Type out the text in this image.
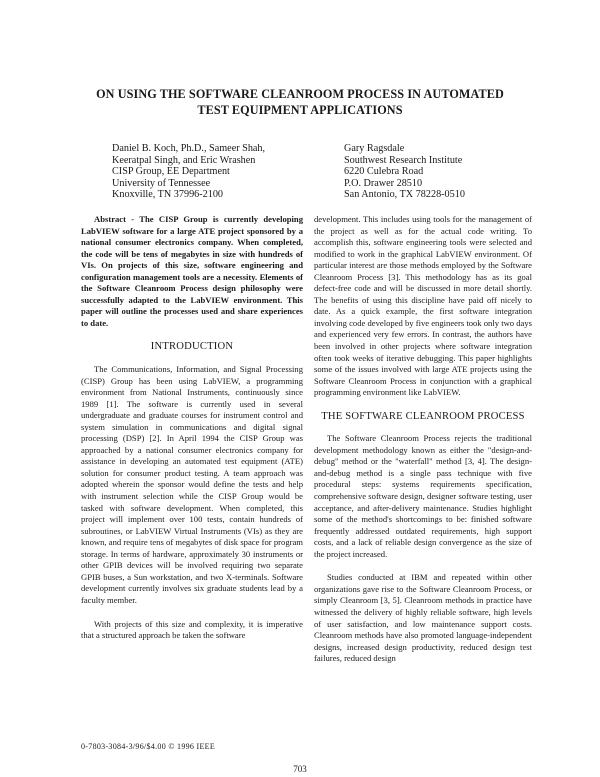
ON USING THE SOFTWARE CLEANROOM PROCESS IN AUTOMATED
TEST EQUIPMENT APPLICATIONS
Daniel B. Koch, Ph.D., Sameer Shah,
Keeratpal Singh, and Eric Wrashen
CISP Group, EE Department
University of Tennessee
Knoxville, TN 37996-2100
Gary Ragsdale
Southwest Research Institute
6220 Culebra Road
P.O. Drawer 28510
San Antonio, TX 78228-0510

Abstract - The CISP Group is currently developing LabVIEW software for a large ATE project sponsored by a national consumer electronics company. When completed, the code will be tens of megabytes in size with hundreds of VIs. On projects of this size, software engineering and configuration management tools are a necessity. Elements of the Software Cleanroom Process design philosophy were successfully adapted to the LabVIEW environment. This paper will outline the processes used and share experiences to date.

INTRODUCTION

The Communications, Information, and Signal Processing (CISP) Group has been using LabVIEW, a programming environment from National Instruments, continuously since 1989 [1]. The software is currently used in several undergraduate and graduate courses for instrument control and system simulation in communications and digital signal processing (DSP) [2]. In April 1994 the CISP Group was approached by a national consumer electronics company for assistance in developing an automated test equipment (ATE) solution for consumer product testing. A team approach was adopted wherein the sponsor would define the tests and help with instrument selection while the CISP Group would be tasked with software development. When completed, this project will implement over 100 tests, contain hundreds of subroutines, or LabVIEW Virtual Instruments (VIs) as they are known, and require tens of megabytes of disk space for program storage. In terms of hardware, approximately 30 instruments or other GPIB devices will be involved requiring two separate GPIB buses, a Sun workstation, and two X-terminals. Software development currently involves six graduate students lead by a faculty member.

With projects of this size and complexity, it is imperative that a structured approach be taken the software

development. This includes using tools for the management of the project as well as for the actual code writing. To accomplish this, software engineering tools were selected and modified to work in the graphical LabVIEW environment. Of particular interest are those methods employed by the Software Cleanroom Process [3]. This methodology has as its goal defect-free code and will be discussed in more detail shortly. The benefits of using this discipline have paid off nicely to date. As a quick example, the first software integration involving code developed by five engineers took only two days and experienced very few errors. In contrast, the authors have been involved in other projects where software integration often took weeks of iterative debugging. This paper highlights some of the issues involved with large ATE projects using the Software Cleanroom Process in conjunction with a graphical programming environment like LabVIEW.

THE SOFTWARE CLEANROOM PROCESS

The Software Cleanroom Process rejects the traditional development methodology known as either the "design-and-debug" method or the "waterfall" method [3, 4]. The design-and-debug method is a single pass technique with five procedural steps: systems requirements specification, comprehensive software design, designer software testing, user acceptance, and after-delivery maintenance. Studies highlight some of the method's shortcomings to be: finished software frequently addressed outdated requirements, high support costs, and a lack of reliable design convergence as the size of the project increased.

Studies conducted at IBM and repeated within other organizations gave rise to the Software Cleanroom Process, or simply Cleanroom [3, 5]. Cleanroom methods in practice have witnessed the delivery of highly reliable software, high levels of user satisfaction, and low maintenance support costs. Cleanroom methods have also promoted language-independent designs, increased design productivity, reduced design test failures, reduced design

0-7803-3084-3/96/$4.00 © 1996 IEEE
703
